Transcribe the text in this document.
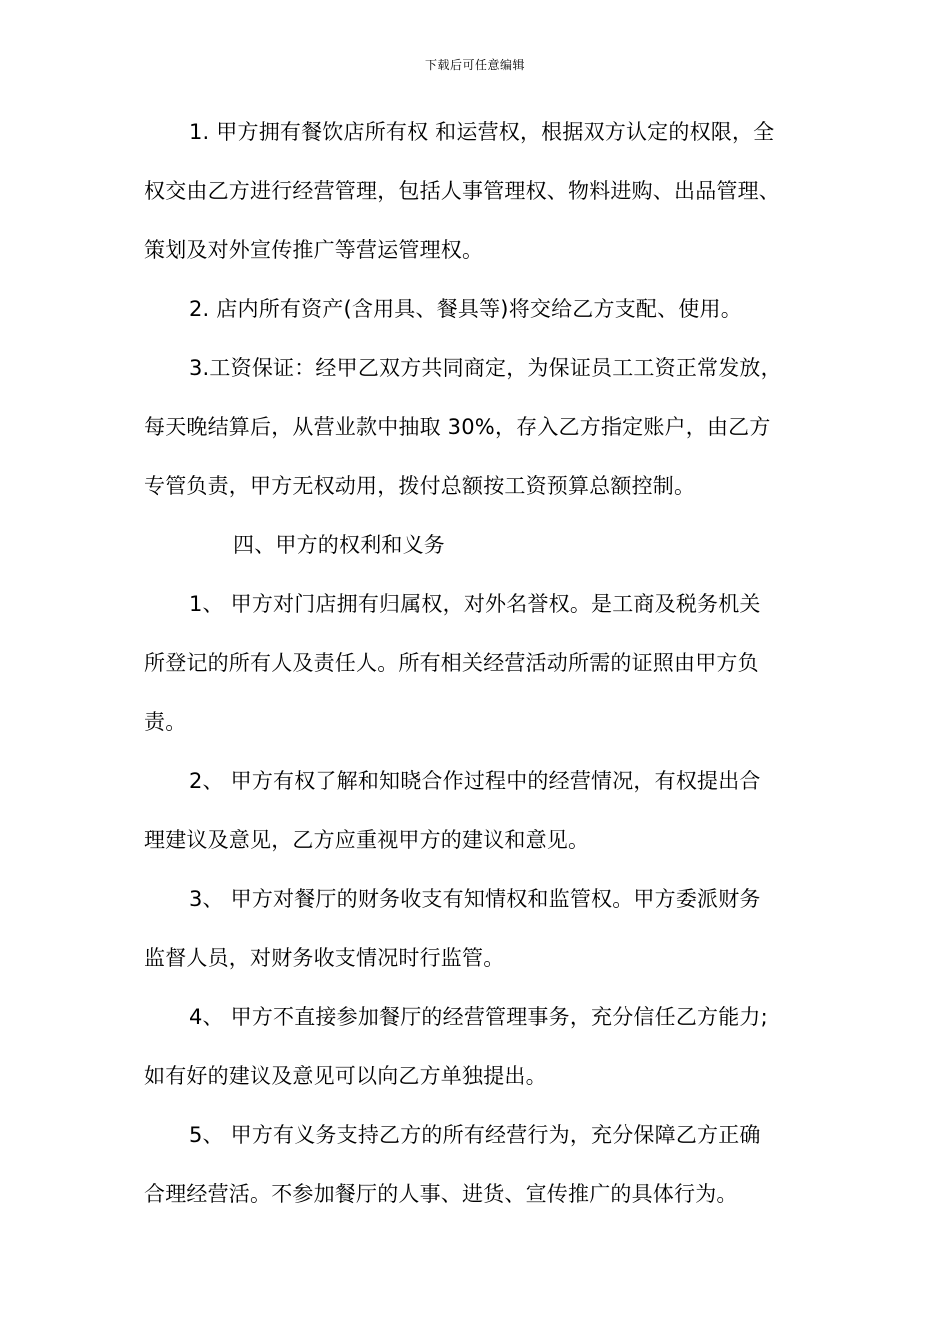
下载后可任意编辑
1. 甲方拥有餐饮店所有权 和运营权，根据双方认定的权限，全
权交由乙方进行经营管理，包括人事管理权、物料进购、出品管理、
策划及对外宣传推广等营运管理权。
2. 店内所有资产(含用具、餐具等)将交给乙方支配、使用。
3.工资保证：经甲乙双方共同商定，为保证员工工资正常发放，
每天晚结算后，从营业款中抽取 30%，存入乙方指定账户，由乙方
专管负责，甲方无权动用，拨付总额按工资预算总额控制。
四、甲方的权利和义务
1、 甲方对门店拥有归属权，对外名誉权。是工商及税务机关
所登记的所有人及责任人。所有相关经营活动所需的证照由甲方负
责。
2、 甲方有权了解和知晓合作过程中的经营情况，有权提出合
理建议及意见，乙方应重视甲方的建议和意见。
3、 甲方对餐厅的财务收支有知情权和监管权。甲方委派财务
监督人员，对财务收支情况时行监管。
4、 甲方不直接参加餐厅的经营管理事务，充分信任乙方能力;
如有好的建议及意见可以向乙方单独提出。
5、 甲方有义务支持乙方的所有经营行为，充分保障乙方正确
合理经营活。不参加餐厅的人事、进货、宣传推广的具体行为。
